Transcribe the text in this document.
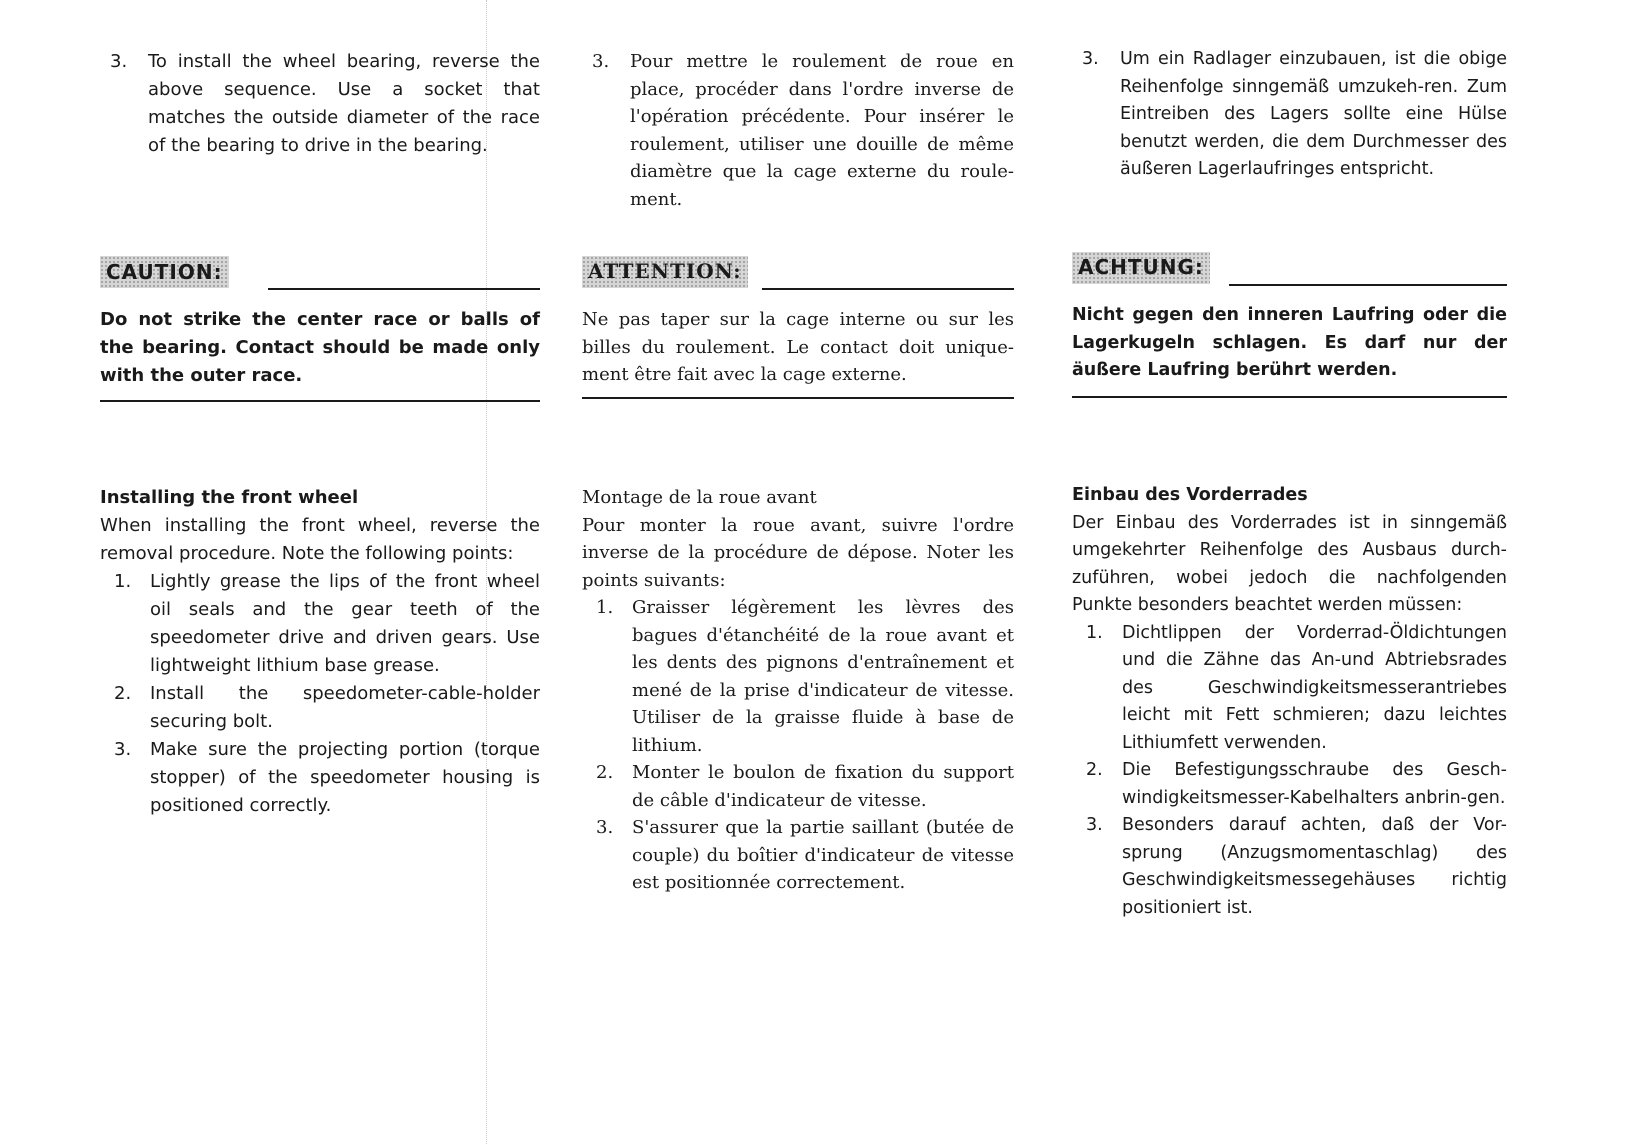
3. To install the wheel bearing, reverse the above sequence. Use a socket that matches the outside diameter of the race of the bearing to drive in the bearing.
CAUTION:
Do not strike the center race or balls of the bearing. Contact should be made only with the outer race.
Installing the front wheel
When installing the front wheel, reverse the removal procedure. Note the following points:
1. Lightly grease the lips of the front wheel oil seals and the gear teeth of the speedometer drive and driven gears. Use lightweight lithium base grease.
2. Install the speedometer-cable-holder securing bolt.
3. Make sure the projecting portion (torque stopper) of the speedometer housing is positioned correctly.
3. Pour mettre le roulement de roue en place, procéder dans l'ordre inverse de l'opération précédente. Pour insérer le roulement, utiliser une douille de même diamètre que la cage externe du roule-ment.
ATTENTION:
Ne pas taper sur la cage interne ou sur les billes du roulement. Le contact doit unique-ment être fait avec la cage externe.
Montage de la roue avant
Pour monter la roue avant, suivre l'ordre inverse de la procédure de dépose. Noter les points suivants:
1. Graisser légèrement les lèvres des bagues d'étanchéité de la roue avant et les dents des pignons d'entraînement et mené de la prise d'indicateur de vitesse. Utiliser de la graisse fluide à base de lithium.
2. Monter le boulon de fixation du support de câble d'indicateur de vitesse.
3. S'assurer que la partie saillant (butée de couple) du boîtier d'indicateur de vitesse est positionnée correctement.
3. Um ein Radlager einzubauen, ist die obige Reihenfolge sinngemäß umzukeh-ren. Zum Eintreiben des Lagers sollte eine Hülse benutzt werden, die dem Durchmesser des äußeren Lagerlaufringes entspricht.
ACHTUNG:
Nicht gegen den inneren Laufring oder die Lagerkugeln schlagen. Es darf nur der äußere Laufring berührt werden.
Einbau des Vorderrades
Der Einbau des Vorderrades ist in sinngemäß umgekehrter Reihenfolge des Ausbaus durch-zuführen, wobei jedoch die nachfolgenden Punkte besonders beachtet werden müssen:
1. Dichtlippen der Vorderrad-Öldichtungen und die Zähne das An-und Abtriebsrades des Geschwindigkeitsmesserantriebes leicht mit Fett schmieren; dazu leichtes Lithiumfett verwenden.
2. Die Befestigungsschraube des Gesch-windigkeitsmesser-Kabelhalters anbrin-gen.
3. Besonders darauf achten, daß der Vor-sprung (Anzugsmomentaschlag) des Geschwindigkeitsmessegehäuses richtig positioniert ist.
